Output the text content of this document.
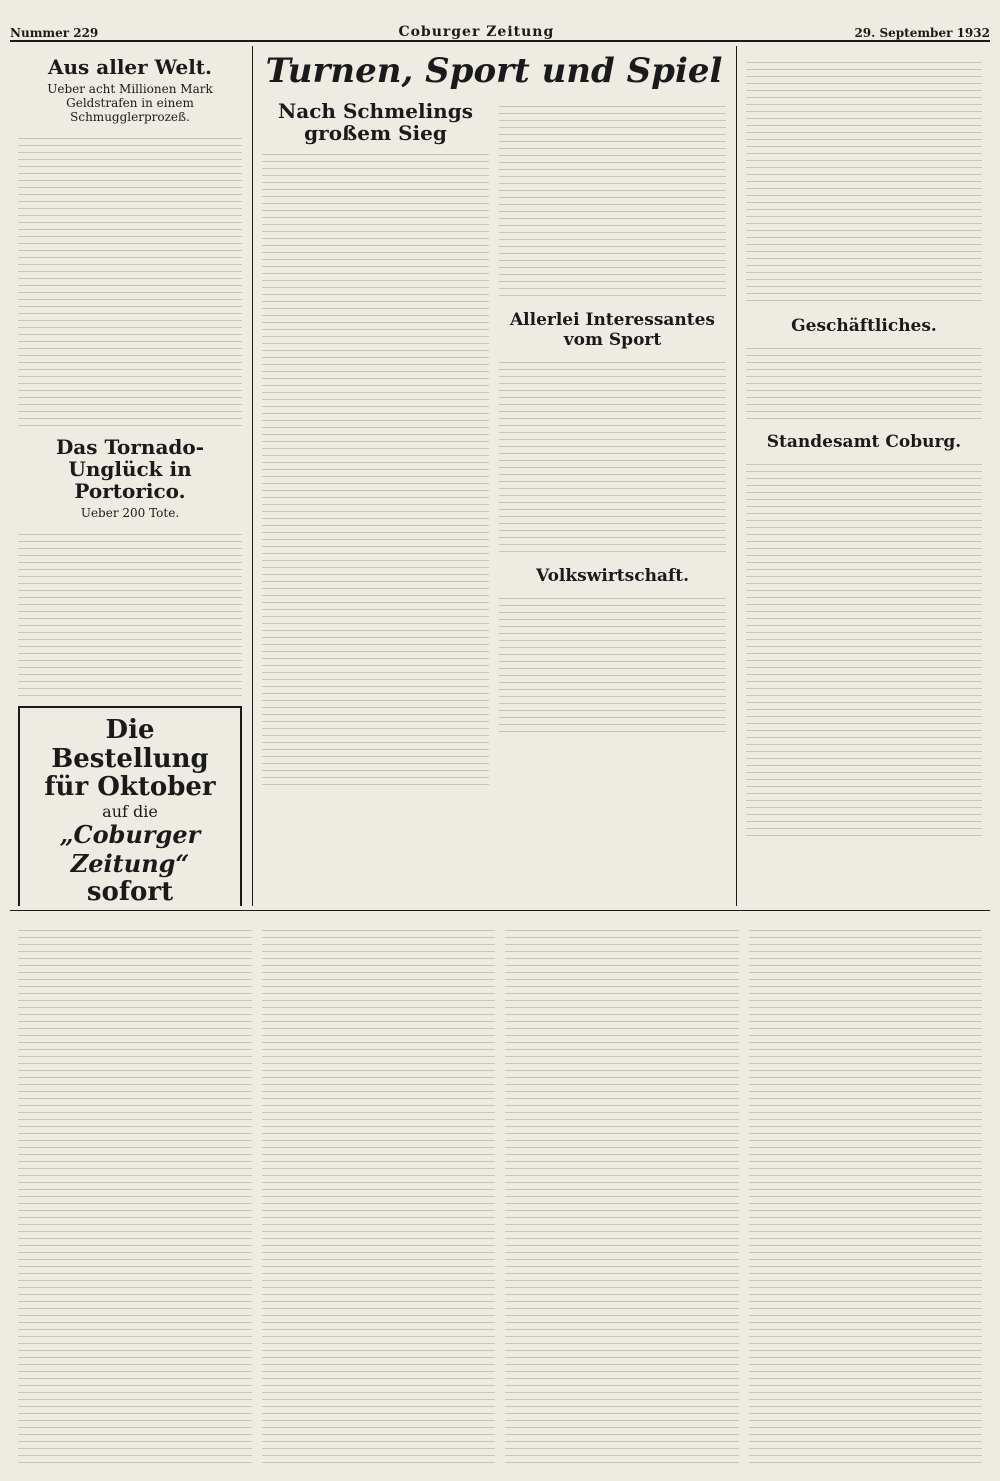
Nummer 229	Coburger Zeitung	29. September 1932
Aus aller Welt.
Ueber acht Millionen Mark Geldstrafen in einem Schmugglerprozeß.
Das Tornado-Unglück in Portorico.
Ueber 200 Tote.
Die Bestellung für Oktober
auf die
„Coburger Zeitung“
sofort
Turnen, Sport und Spiel
Nach Schmelings großem Sieg
Allerlei Interessantes vom Sport
Volkswirtschaft.
Geschäftliches.
Standesamt Coburg.
